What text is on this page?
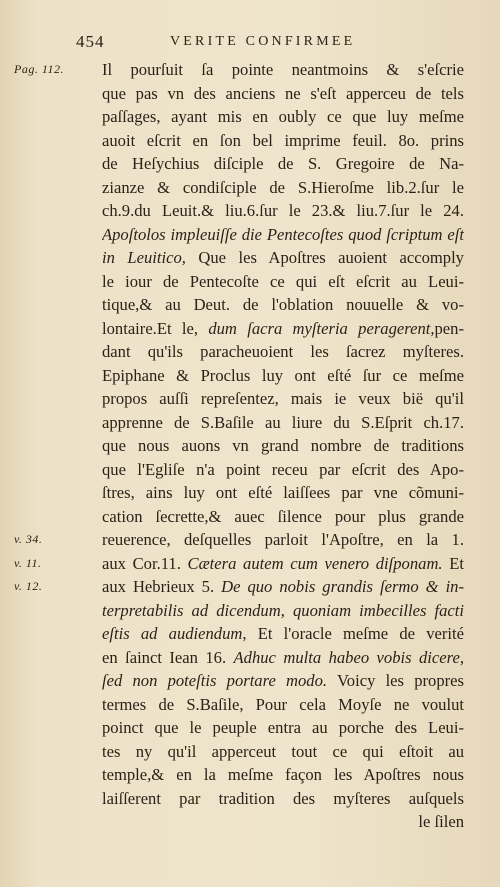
454	VERITE CONFIRMEE
Pag. 112.
v. 34.
v. 11.
v. 12.
Il pourſuit ſa pointe neantmoins & s'eſcrie
que pas vn des anciens ne s'eſt apperceu de tels
paſſages, ayant mis en oubly ce que luy meſme
auoit eſcrit en ſon bel imprime feuil. 8o. prins
de Heſychius diſciple de S. Gregoire de Na-
zianze & condiſciple de S.Hieroſme lib.2.ſur le
ch.9.du Leuit.& liu.6.ſur le 23.& liu.7.ſur le 24.
Apoſtolos impleuiſſe die Pentecoſtes quod ſcriptum eſt
in Leuitico, Que les Apoſtres auoient accomply
le iour de Pentecoſte ce qui eſt eſcrit au Leui-
tique,& au Deut. de l'oblation nouuelle & vo-
lontaire.Et le, dum ſacra myſteria peragerent,pen-
dant qu'ils paracheuoient les ſacrez myſteres.
Epiphane & Proclus luy ont eſté ſur ce meſme
propos auſſi repreſentez, mais ie veux bië qu'il
apprenne de S.Baſile au liure du S.Eſprit ch.17.
que nous auons vn grand nombre de traditions
que l'Egliſe n'a point receu par eſcrit des Apo-
ſtres, ains luy ont eſté laiſſees par vne cõmuni-
cation ſecrette,& auec ſilence pour plus grande
reuerence, deſquelles parloit l'Apoſtre, en la 1.
aux Cor.11. Cætera autem cum venero diſponam. Et
aux Hebrieux 5. De quo nobis grandis ſermo & in-
terpretabilis ad dicendum, quoniam imbecilles facti
eſtis ad audiendum, Et l'oracle meſme de verité
en ſainct Iean 16. Adhuc multa habeo vobis dicere,
ſed non poteſtis portare modo. Voicy les propres
termes de S.Baſile, Pour cela Moyſe ne voulut
poinct que le peuple entra au porche des Leui-
tes ny qu'il apperceut tout ce qui eſtoit au
temple,& en la meſme façon les Apoſtres nous
laiſſerent par tradition des myſteres auſquels
le ſilen
